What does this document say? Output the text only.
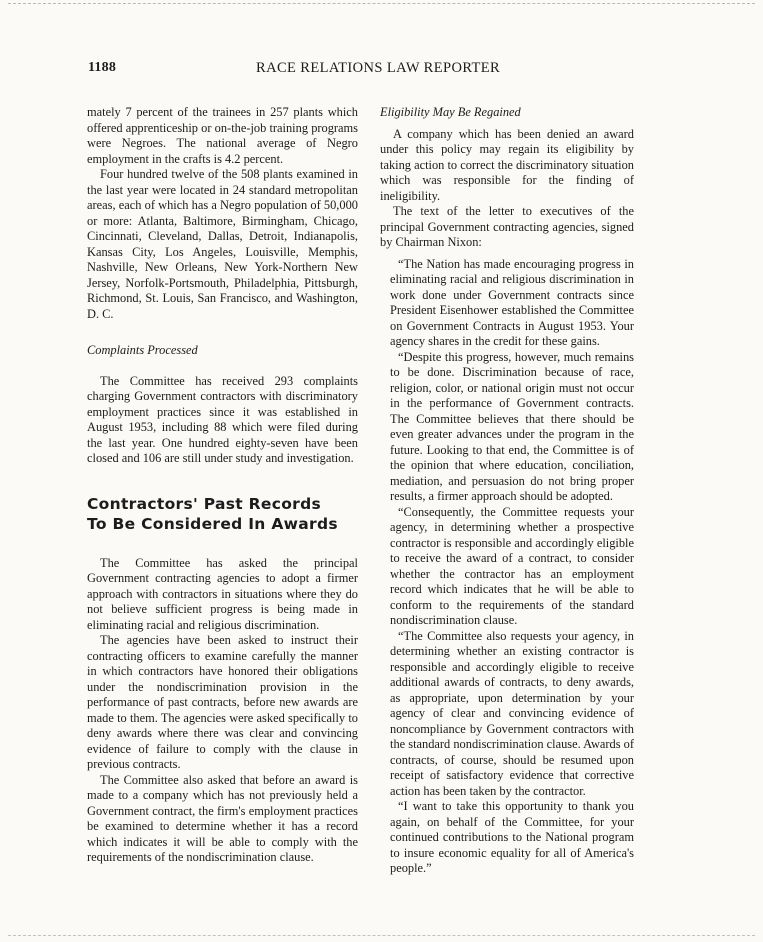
1188	RACE RELATIONS LAW REPORTER

mately 7 percent of the trainees in 257 plants which offered apprenticeship or on-the-job training programs were Negroes. The national average of Negro employment in the crafts is 4.2 percent.

Four hundred twelve of the 508 plants examined in the last year were located in 24 standard metropolitan areas, each of which has a Negro population of 50,000 or more: Atlanta, Baltimore, Birmingham, Chicago, Cincinnati, Cleveland, Dallas, Detroit, Indianapolis, Kansas City, Los Angeles, Louisville, Memphis, Nashville, New Orleans, New York-Northern New Jersey, Norfolk-Portsmouth, Philadelphia, Pittsburgh, Richmond, St. Louis, San Francisco, and Washington, D. C.

Complaints Processed

The Committee has received 293 complaints charging Government contractors with discriminatory employment practices since it was established in August 1953, including 88 which were filed during the last year. One hundred eighty-seven have been closed and 106 are still under study and investigation.

Contractors' Past Records
To Be Considered In Awards

The Committee has asked the principal Government contracting agencies to adopt a firmer approach with contractors in situations where they do not believe sufficient progress is being made in eliminating racial and religious discrimination.

The agencies have been asked to instruct their contracting officers to examine carefully the manner in which contractors have honored their obligations under the nondiscrimination provision in the performance of past contracts, before new awards are made to them. The agencies were asked specifically to deny awards where there was clear and convincing evidence of failure to comply with the clause in previous contracts.

The Committee also asked that before an award is made to a company which has not previously held a Government contract, the firm's employment practices be examined to determine whether it has a record which indicates it will be able to comply with the requirements of the nondiscrimination clause.

Eligibility May Be Regained

A company which has been denied an award under this policy may regain its eligibility by taking action to correct the discriminatory situation which was responsible for the finding of ineligibility.

The text of the letter to executives of the principal Government contracting agencies, signed by Chairman Nixon:

“The Nation has made encouraging progress in eliminating racial and religious discrimination in work done under Government contracts since President Eisenhower established the Committee on Government Contracts in August 1953. Your agency shares in the credit for these gains.

“Despite this progress, however, much remains to be done. Discrimination because of race, religion, color, or national origin must not occur in the performance of Government contracts. The Committee believes that there should be even greater advances under the program in the future. Looking to that end, the Committee is of the opinion that where education, conciliation, mediation, and persuasion do not bring proper results, a firmer approach should be adopted.

“Consequently, the Committee requests your agency, in determining whether a prospective contractor is responsible and accordingly eligible to receive the award of a contract, to consider whether the contractor has an employment record which indicates that he will be able to conform to the requirements of the standard nondiscrimination clause.

“The Committee also requests your agency, in determining whether an existing contractor is responsible and accordingly eligible to receive additional awards of contracts, to deny awards, as appropriate, upon determination by your agency of clear and convincing evidence of noncompliance by Government contractors with the standard nondiscrimination clause. Awards of contracts, of course, should be resumed upon receipt of satisfactory evidence that corrective action has been taken by the contractor.

“I want to take this opportunity to thank you again, on behalf of the Committee, for your continued contributions to the National program to insure economic equality for all of America's people.”
